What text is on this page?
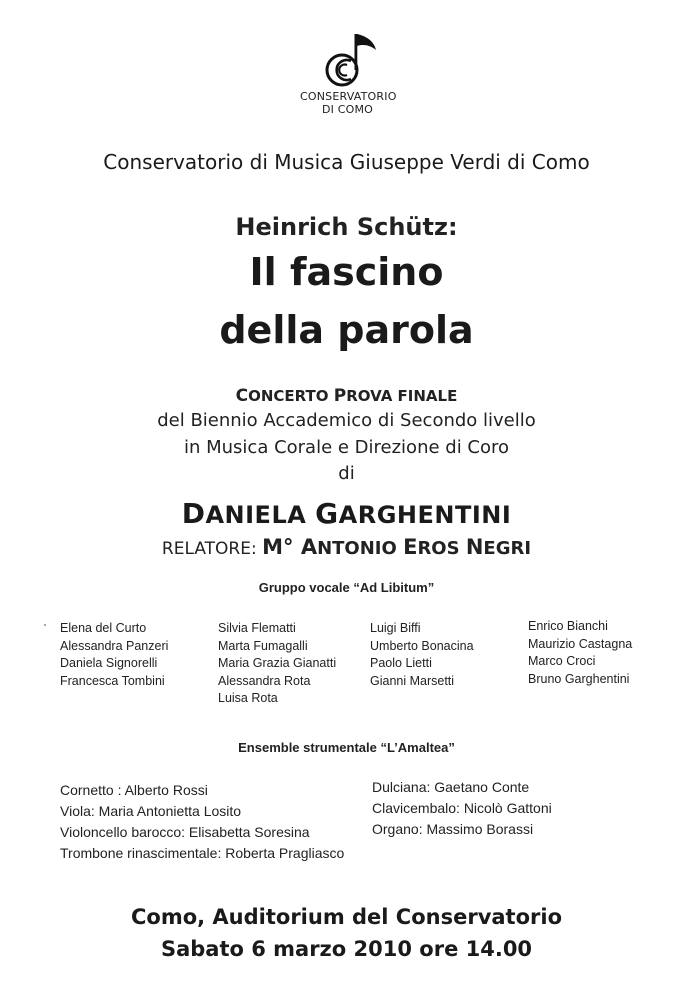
CONSERVATORIO
DI COMO
Conservatorio di Musica Giuseppe Verdi di Como
Heinrich Schütz:
Il fascino
della parola
CONCERTO PROVA FINALE
del Biennio Accademico di Secondo livello
in Musica Corale e Direzione di Coro
di
DANIELA GARGHENTINI
RELATORE: M° ANTONIO EROS NEGRI
Gruppo vocale “Ad Libitum”
Elena del Curto
Alessandra Panzeri
Daniela Signorelli
Francesca Tombini
Silvia Flematti
Marta Fumagalli
Maria Grazia Gianatti
Alessandra Rota
Luisa Rota
Luigi Biffi
Umberto Bonacina
Paolo Lietti
Gianni Marsetti
Enrico Bianchi
Maurizio Castagna
Marco Croci
Bruno Garghentini
Ensemble strumentale “L’Amaltea”
Cornetto : Alberto Rossi
Viola: Maria Antonietta Losito
Violoncello barocco: Elisabetta Soresina
Trombone rinascimentale: Roberta Pragliasco
Dulciana: Gaetano Conte
Clavicembalo: Nicolò Gattoni
Organo: Massimo Borassi
Como, Auditorium del Conservatorio
Sabato 6 marzo 2010 ore 14.00
